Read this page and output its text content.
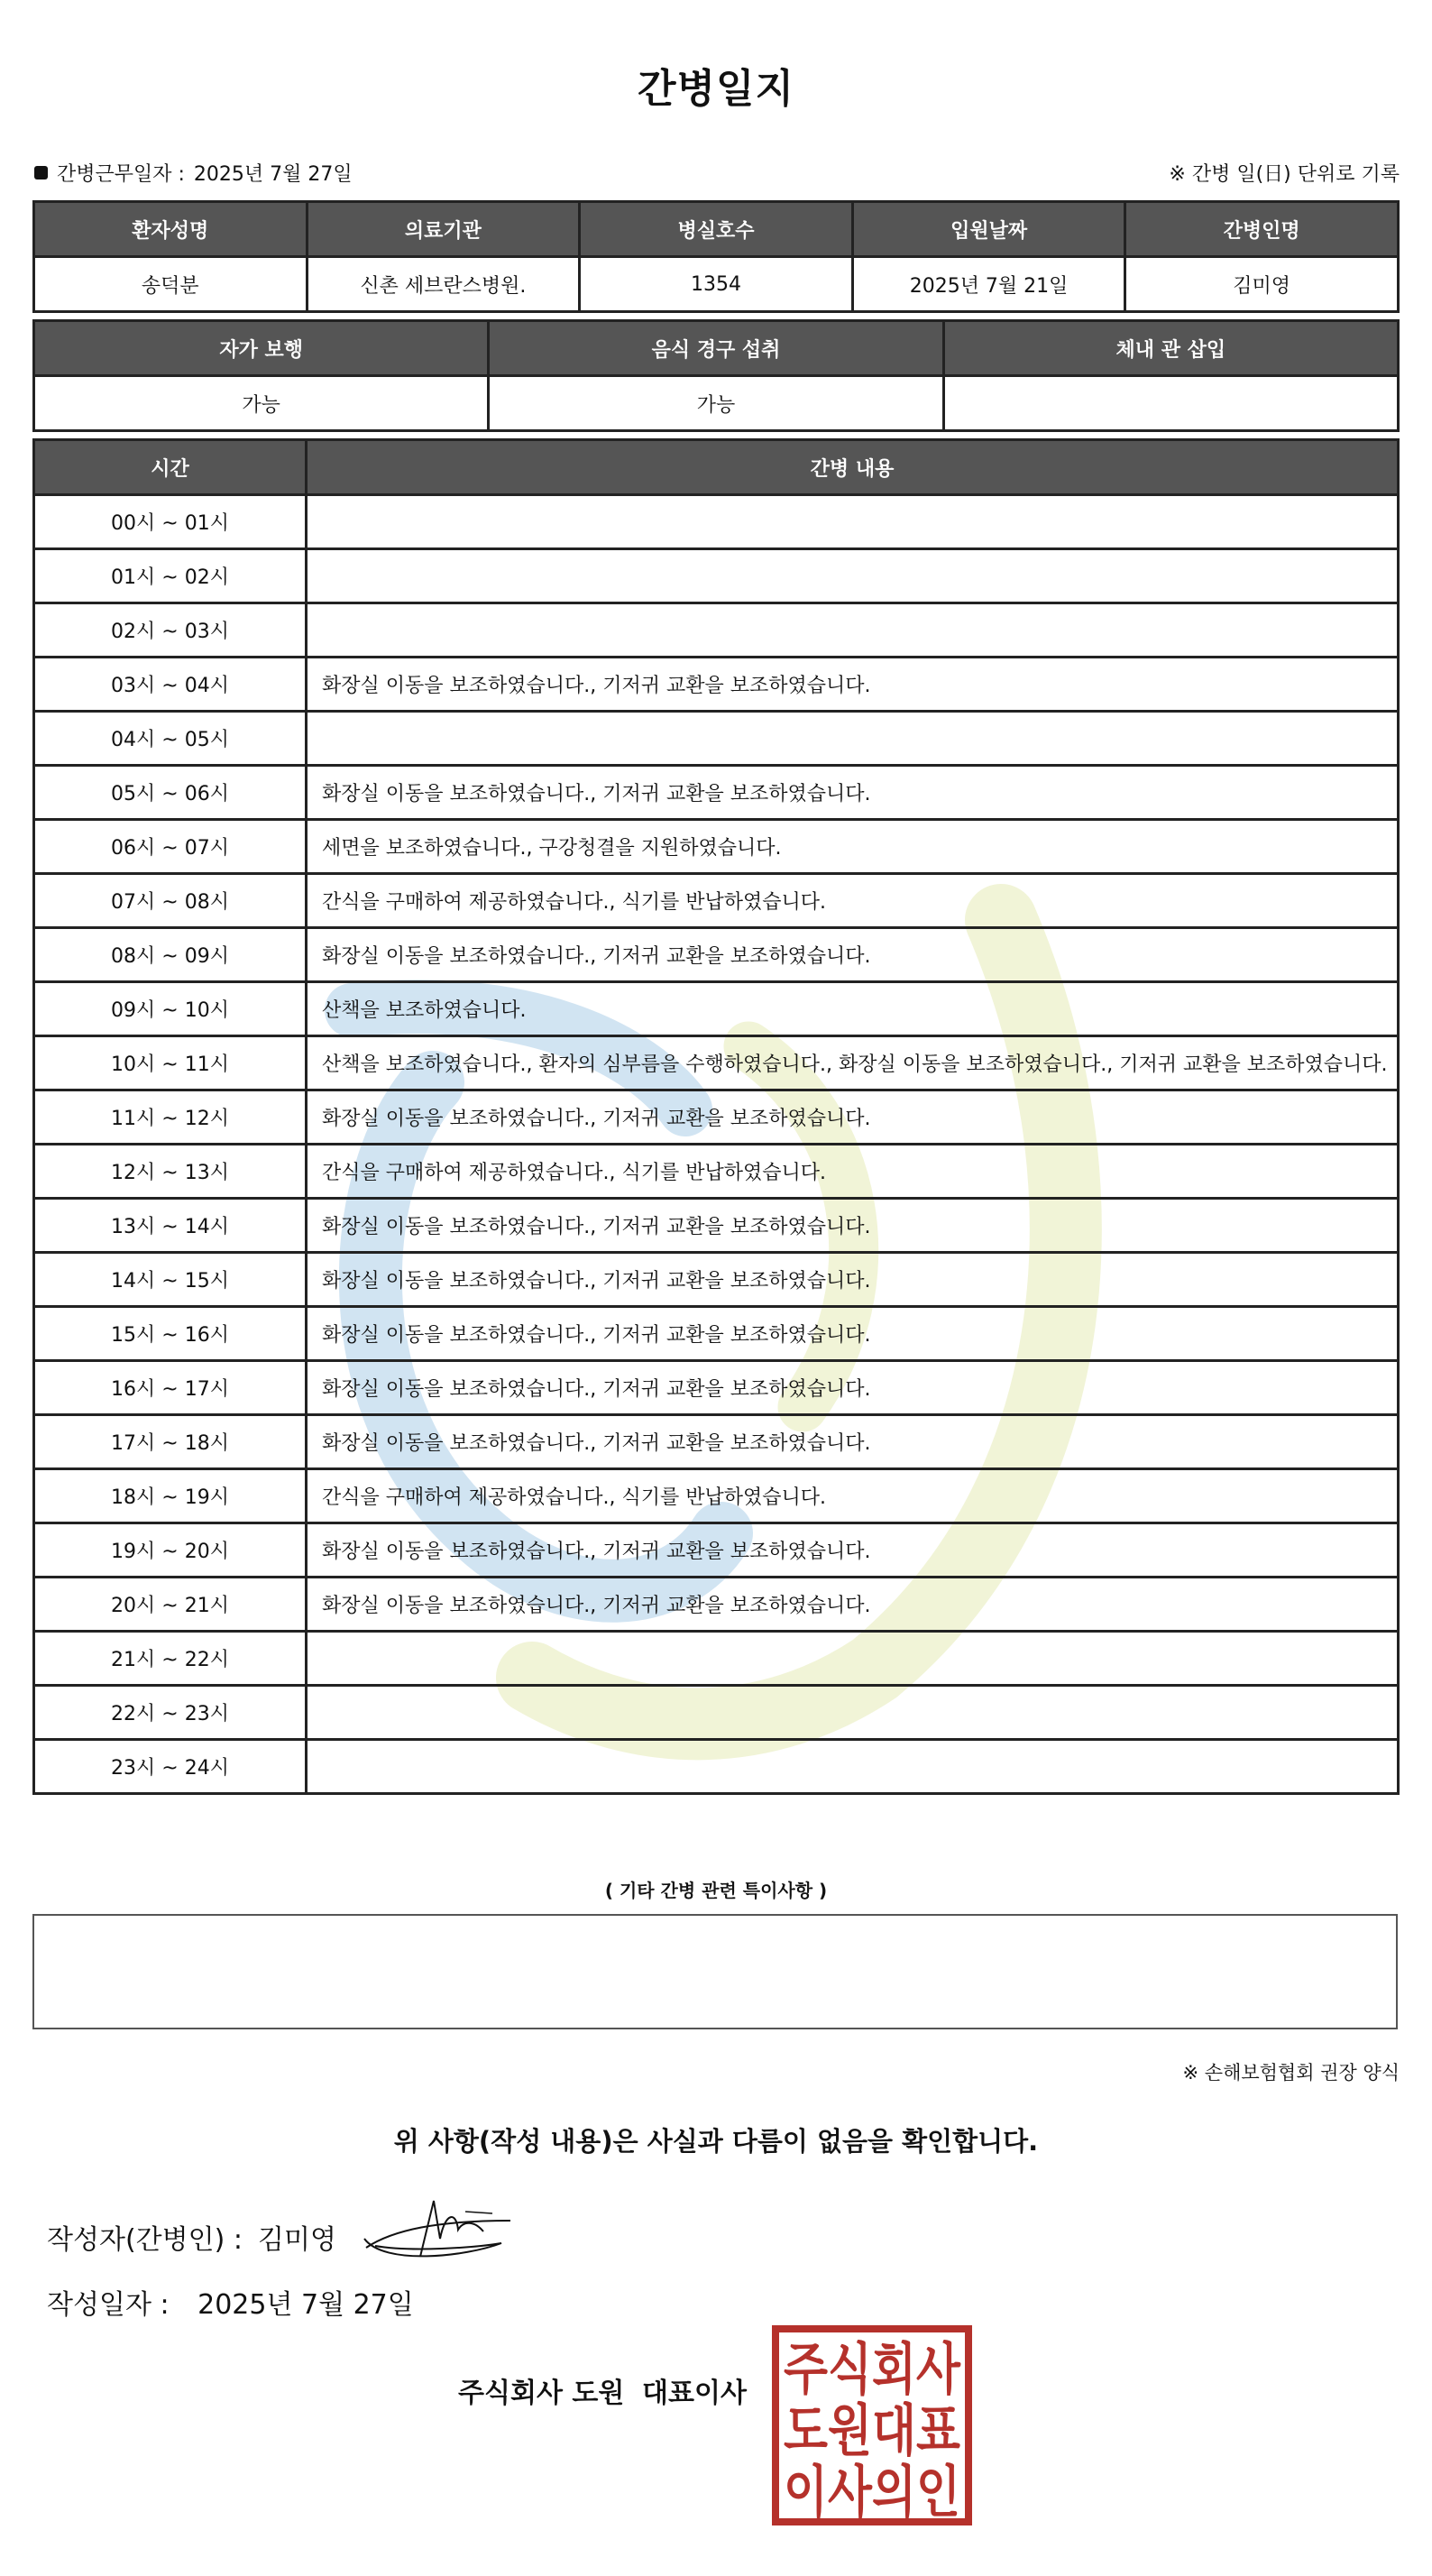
간병일지
간병근무일자 : 2025년 7월 27일	※ 간병 일(日) 단위로 기록
환자성명	의료기관	병실호수	입원날짜	간병인명
송덕분	신촌 세브란스병원.	1354	2025년 7월 21일	김미영
자가 보행	음식 경구 섭취	체내 관 삽입
가능	가능	
시간	간병 내용
00시 ~ 01시	
01시 ~ 02시	
02시 ~ 03시	
03시 ~ 04시	화장실 이동을 보조하였습니다., 기저귀 교환을 보조하였습니다.
04시 ~ 05시	
05시 ~ 06시	화장실 이동을 보조하였습니다., 기저귀 교환을 보조하였습니다.
06시 ~ 07시	세면을 보조하였습니다., 구강청결을 지원하였습니다.
07시 ~ 08시	간식을 구매하여 제공하였습니다., 식기를 반납하였습니다.
08시 ~ 09시	화장실 이동을 보조하였습니다., 기저귀 교환을 보조하였습니다.
09시 ~ 10시	산책을 보조하였습니다.
10시 ~ 11시	산책을 보조하였습니다., 환자의 심부름을 수행하였습니다., 화장실 이동을 보조하였습니다., 기저귀 교환을 보조하였습니다.
11시 ~ 12시	화장실 이동을 보조하였습니다., 기저귀 교환을 보조하였습니다.
12시 ~ 13시	간식을 구매하여 제공하였습니다., 식기를 반납하였습니다.
13시 ~ 14시	화장실 이동을 보조하였습니다., 기저귀 교환을 보조하였습니다.
14시 ~ 15시	화장실 이동을 보조하였습니다., 기저귀 교환을 보조하였습니다.
15시 ~ 16시	화장실 이동을 보조하였습니다., 기저귀 교환을 보조하였습니다.
16시 ~ 17시	화장실 이동을 보조하였습니다., 기저귀 교환을 보조하였습니다.
17시 ~ 18시	화장실 이동을 보조하였습니다., 기저귀 교환을 보조하였습니다.
18시 ~ 19시	간식을 구매하여 제공하였습니다., 식기를 반납하였습니다.
19시 ~ 20시	화장실 이동을 보조하였습니다., 기저귀 교환을 보조하였습니다.
20시 ~ 21시	화장실 이동을 보조하였습니다., 기저귀 교환을 보조하였습니다.
21시 ~ 22시	
22시 ~ 23시	
23시 ~ 24시	
( 기타 간병 관련 특이사항 )
※ 손해보험협회 권장 양식
위 사항(작성 내용)은 사실과 다름이 없음을 확인합니다.
작성자(간병인) : 김미영
작성일자 : 2025년 7월 27일
주식회사 도원 대표이사 주식회사
도원대표
이사의인
